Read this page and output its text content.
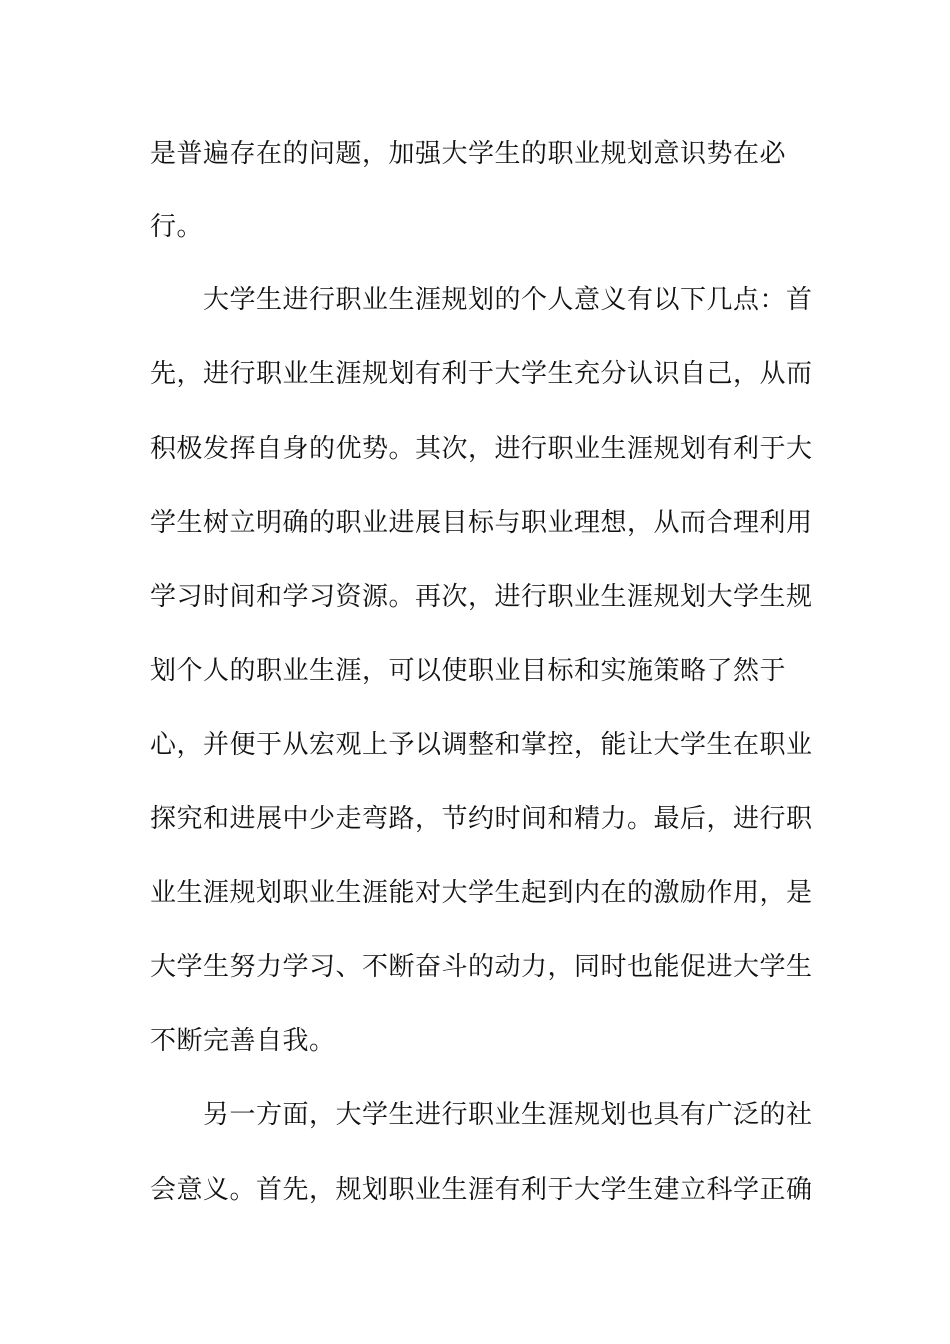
是普遍存在的问题，加强大学生的职业规划意识势在必
行。
大学生进行职业生涯规划的个人意义有以下几点：首
先，进行职业生涯规划有利于大学生充分认识自己，从而
积极发挥自身的优势。其次，进行职业生涯规划有利于大
学生树立明确的职业进展目标与职业理想，从而合理利用
学习时间和学习资源。再次，进行职业生涯规划大学生规
划个人的职业生涯，可以使职业目标和实施策略了然于
心，并便于从宏观上予以调整和掌控，能让大学生在职业
探究和进展中少走弯路，节约时间和精力。最后，进行职
业生涯规划职业生涯能对大学生起到内在的激励作用，是
大学生努力学习、不断奋斗的动力，同时也能促进大学生
不断完善自我。
另一方面，大学生进行职业生涯规划也具有广泛的社
会意义。首先，规划职业生涯有利于大学生建立科学正确
